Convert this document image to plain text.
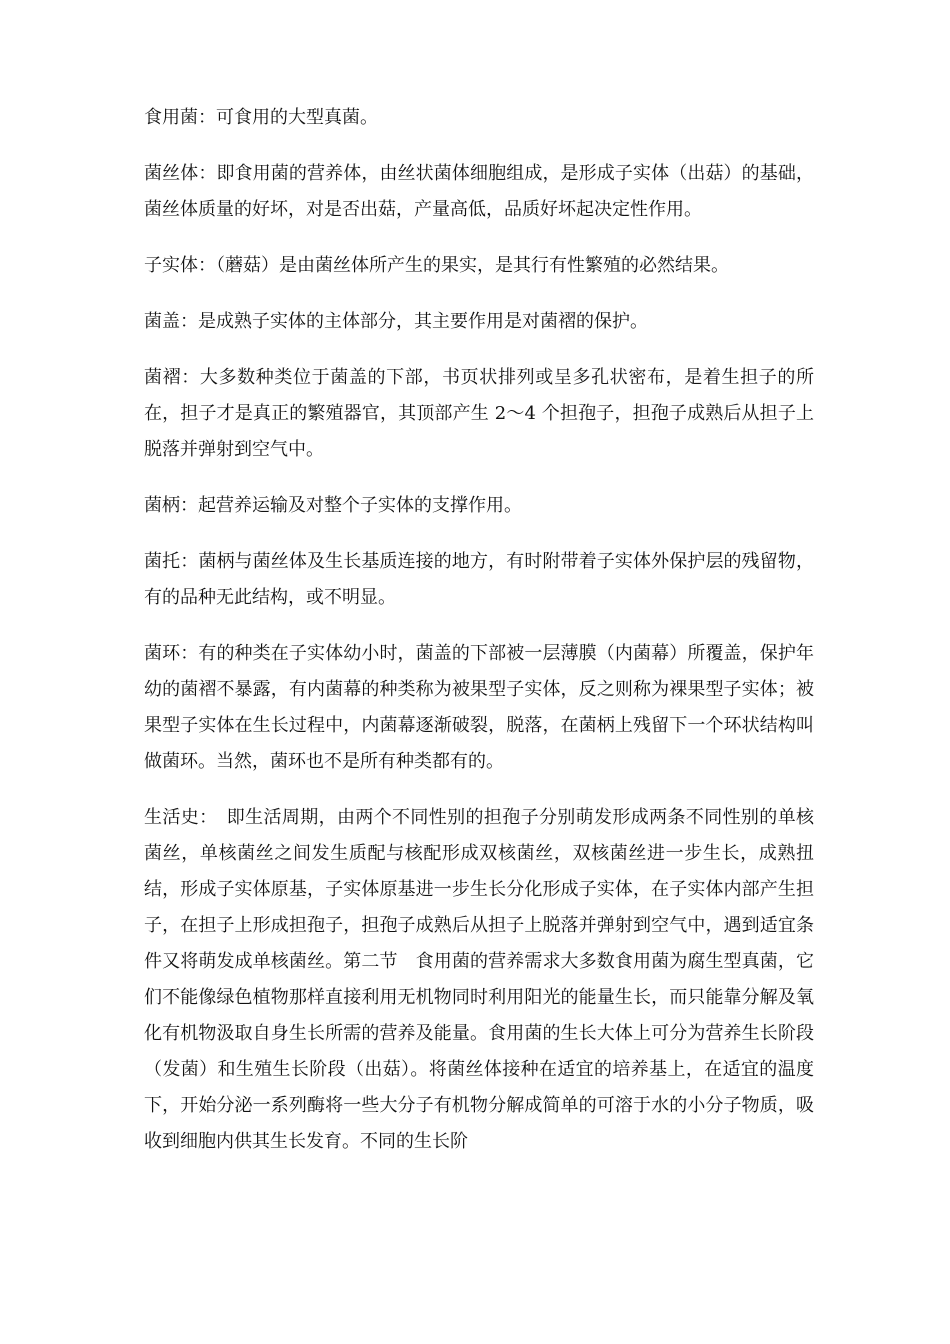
食用菌：可食用的大型真菌。

菌丝体：即食用菌的营养体，由丝状菌体细胞组成，是形成子实体（出菇）的基础，菌丝体质量的好坏，对是否出菇，产量高低，品质好坏起决定性作用。

子实体：（蘑菇）是由菌丝体所产生的果实，是其行有性繁殖的必然结果。

菌盖：是成熟子实体的主体部分，其主要作用是对菌褶的保护。

菌褶：大多数种类位于菌盖的下部，书页状排列或呈多孔状密布，是着生担子的所在，担子才是真正的繁殖器官，其顶部产生 2～4 个担孢子，担孢子成熟后从担子上脱落并弹射到空气中。

菌柄：起营养运输及对整个子实体的支撑作用。

菌托：菌柄与菌丝体及生长基质连接的地方，有时附带着子实体外保护层的残留物，有的品种无此结构，或不明显。

菌环：有的种类在子实体幼小时，菌盖的下部被一层薄膜（内菌幕）所覆盖，保护年幼的菌褶不暴露，有内菌幕的种类称为被果型子实体，反之则称为裸果型子实体；被果型子实体在生长过程中，内菌幕逐渐破裂，脱落，在菌柄上残留下一个环状结构叫做菌环。当然，菌环也不是所有种类都有的。

生活史：　即生活周期，由两个不同性别的担孢子分别萌发形成两条不同性别的单核菌丝，单核菌丝之间发生质配与核配形成双核菌丝，双核菌丝进一步生长，成熟扭结，形成子实体原基，子实体原基进一步生长分化形成子实体，在子实体内部产生担子，在担子上形成担孢子，担孢子成熟后从担子上脱落并弹射到空气中，遇到适宜条件又将萌发成单核菌丝。第二节　食用菌的营养需求大多数食用菌为腐生型真菌，它们不能像绿色植物那样直接利用无机物同时利用阳光的能量生长，而只能靠分解及氧化有机物汲取自身生长所需的营养及能量。食用菌的生长大体上可分为营养生长阶段（发菌）和生殖生长阶段（出菇）。将菌丝体接种在适宜的培养基上，在适宜的温度下，开始分泌一系列酶将一些大分子有机物分解成简单的可溶于水的小分子物质，吸收到细胞内供其生长发育。不同的生长阶
